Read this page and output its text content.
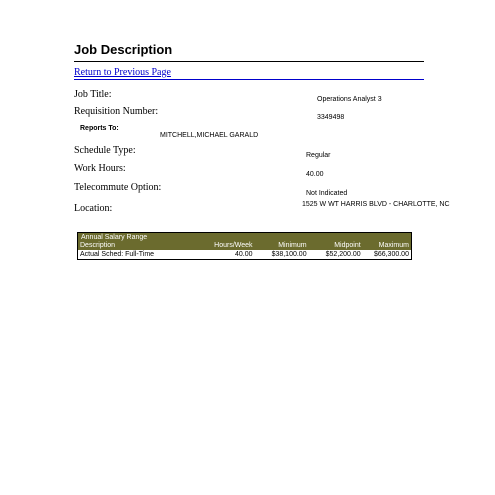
Job Description
Return to Previous Page
Job Title:	Operations Analyst 3
Requisition Number:
3349498
Reports To:
MITCHELL,MICHAEL GARALD
Schedule Type:	Regular
Work Hours:
40.00
Telecommute Option:
Not Indicated
Location:	1525 W WT HARRIS BLVD - CHARLOTTE, NC
Annual Salary Range
Description	Hours/Week	Minimum	Midpoint	Maximum
Actual Sched: Full-Time	40.00	$38,100.00	$52,200.00	$66,300.00
